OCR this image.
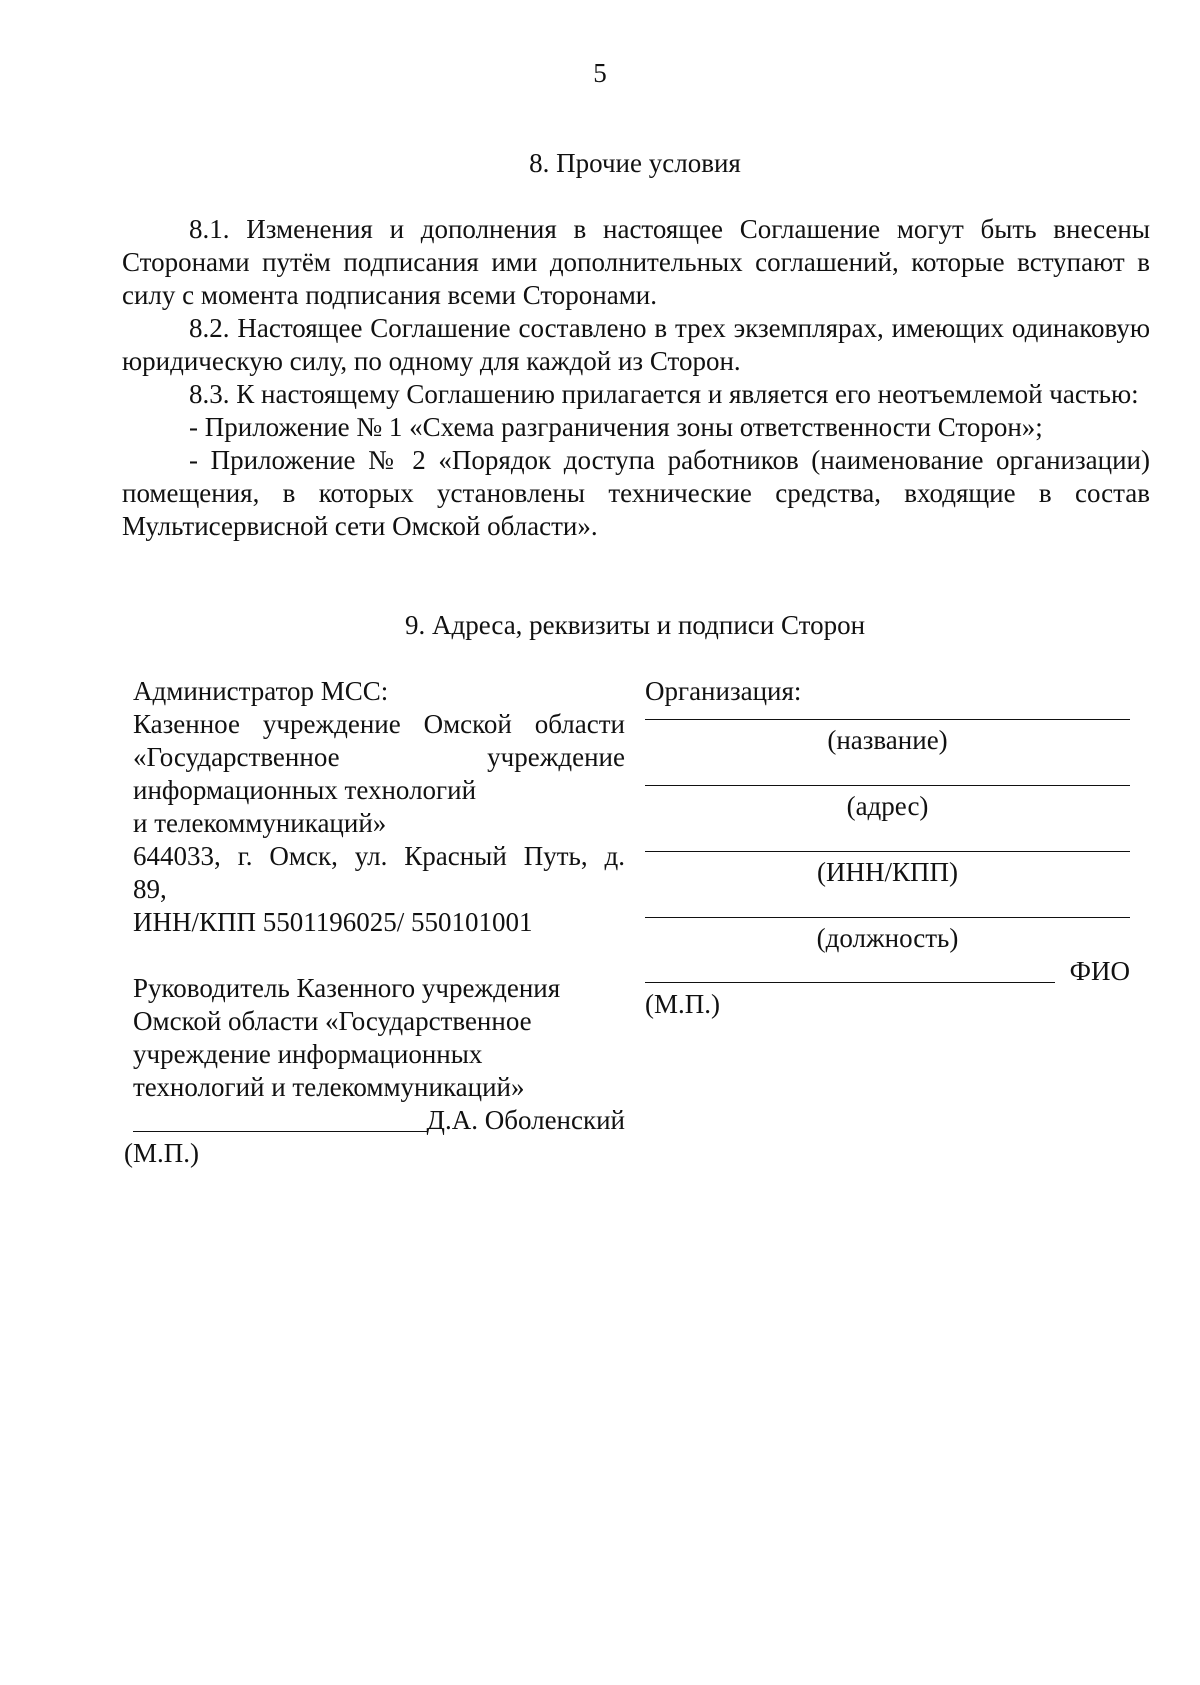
5
8. Прочие условия

8.1. Изменения и дополнения в настоящее Соглашение могут быть внесены Сторонами путём подписания ими дополнительных соглашений, которые вступают в силу с момента подписания всеми Сторонами.

8.2. Настоящее Соглашение составлено в трех экземплярах, имеющих одинаковую юридическую силу, по одному для каждой из Сторон.

8.3. К настоящему Соглашению прилагается и является его неотъемлемой частью:

- Приложение № 1 «Схема разграничения зоны ответственности Сторон»;

- Приложение № 2 «Порядок доступа работников (наименование организации) помещения, в которых установлены технические средства, входящие в состав Мультисервисной сети Омской области».

9. Адреса, реквизиты и подписи Сторон
Администратор МСС:
Казенное учреждение Омской области
«Государственное учреждение
информационных технологий
и телекоммуникаций»
644033, г. Омск, ул. Красный Путь, д.
89,
ИНН/КПП 5501196025/ 550101001
Руководитель Казенного учреждения
Омской области «Государственное
учреждение информационных
технологий и телекоммуникаций»
Д.А. Оболенский
(М.П.)
Организация:
(название)
(адрес)
(ИНН/КПП)
(должность)
ФИО
(М.П.)
